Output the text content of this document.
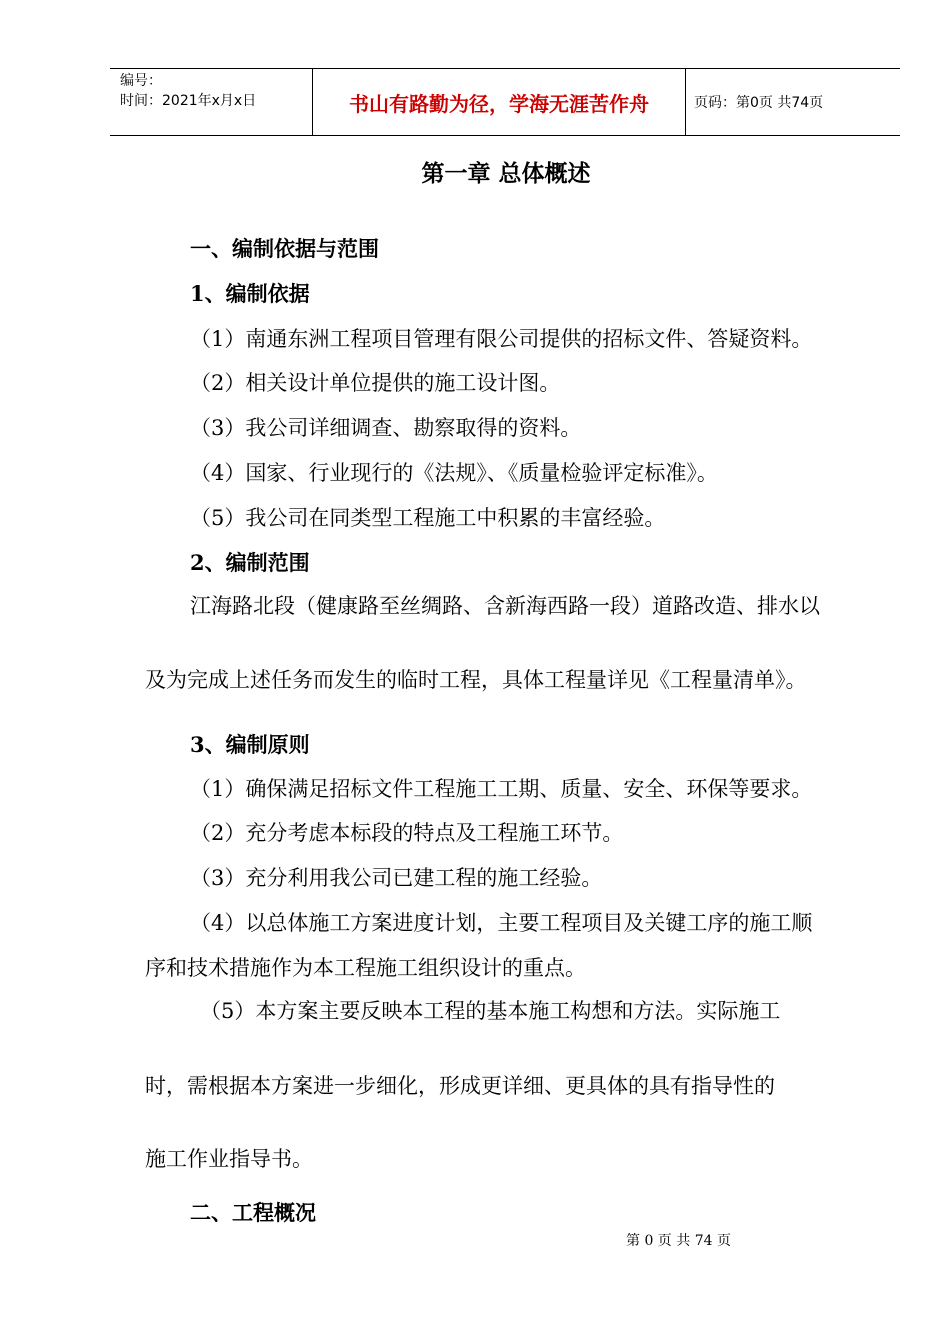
编号：
时间：2021年x月x日	书山有路勤为径，学海无涯苦作舟	页码：第0页 共74页
第一章 总体概述
一、编制依据与范围
1、编制依据
（1）南通东洲工程项目管理有限公司提供的招标文件、答疑资料。
（2）相关设计单位提供的施工设计图。
（3）我公司详细调查、勘察取得的资料。
（4）国家、行业现行的《法规》、《质量检验评定标准》。
（5）我公司在同类型工程施工中积累的丰富经验。
2、编制范围
江海路北段（健康路至丝绸路、含新海西路一段）道路改造、排水以
及为完成上述任务而发生的临时工程，具体工程量详见《工程量清单》。
3、编制原则
（1）确保满足招标文件工程施工工期、质量、安全、环保等要求。
（2）充分考虑本标段的特点及工程施工环节。
（3）充分利用我公司已建工程的施工经验。
（4）以总体施工方案进度计划，主要工程项目及关键工序的施工顺
序和技术措施作为本工程施工组织设计的重点。
（5）本方案主要反映本工程的基本施工构想和方法。实际施工
时，需根据本方案进一步细化，形成更详细、更具体的具有指导性的
施工作业指导书。
二、工程概况
第 0 页 共 74 页
